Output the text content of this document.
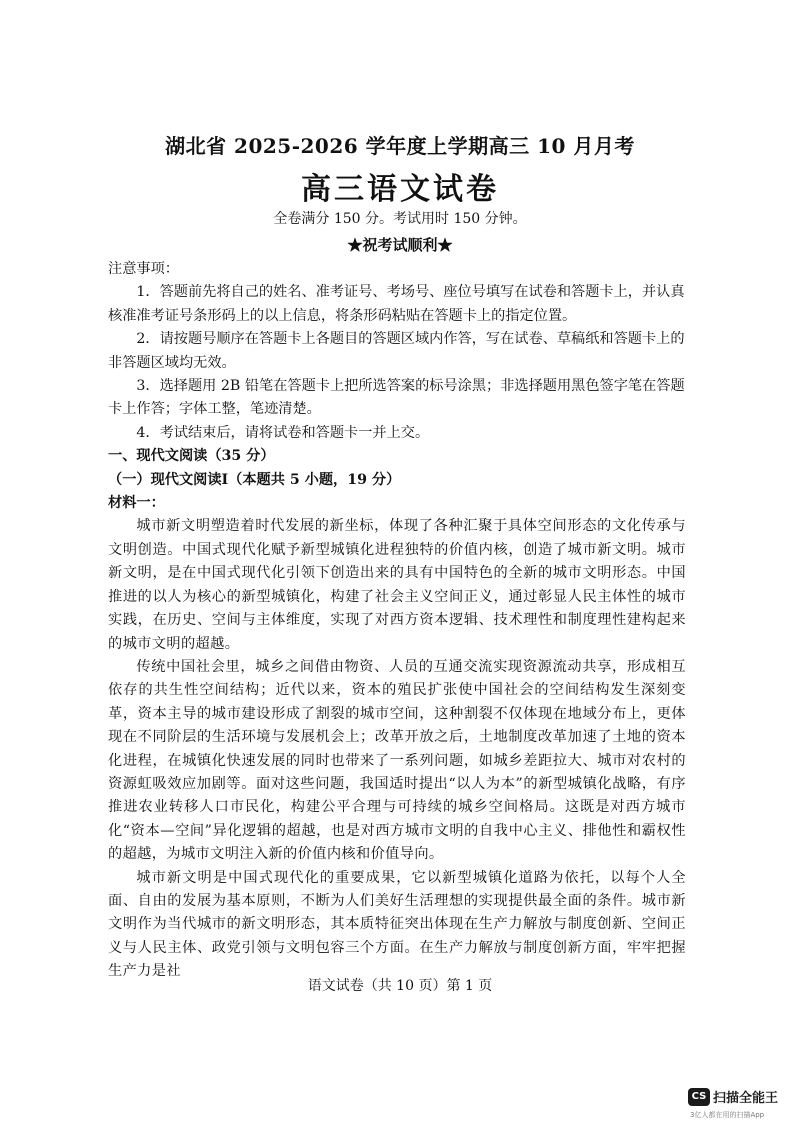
湖北省 2025-2026 学年度上学期高三 10 月月考
高三语文试卷
全卷满分 150 分。考试用时 150 分钟。
★祝考试顺利★

注意事项：

1．答题前先将自己的姓名、准考证号、考场号、座位号填写在试卷和答题卡上，并认真核准准考证号条形码上的以上信息，将条形码粘贴在答题卡上的指定位置。

2．请按题号顺序在答题卡上各题目的答题区域内作答，写在试卷、草稿纸和答题卡上的非答题区域均无效。

3．选择题用 2B 铅笔在答题卡上把所选答案的标号涂黑；非选择题用黑色签字笔在答题卡上作答；字体工整，笔迹清楚。

4．考试结束后，请将试卷和答题卡一并上交。

一、现代文阅读（35 分）

（一）现代文阅读Ⅰ（本题共 5 小题，19 分）

材料一：

城市新文明塑造着时代发展的新坐标，体现了各种汇聚于具体空间形态的文化传承与文明创造。中国式现代化赋予新型城镇化进程独特的价值内核，创造了城市新文明。城市新文明，是在中国式现代化引领下创造出来的具有中国特色的全新的城市文明形态。中国推进的以人为核心的新型城镇化，构建了社会主义空间正义，通过彰显人民主体性的城市实践，在历史、空间与主体维度，实现了对西方资本逻辑、技术理性和制度理性建构起来的城市文明的超越。

传统中国社会里，城乡之间借由物资、人员的互通交流实现资源流动共享，形成相互依存的共生性空间结构；近代以来，资本的殖民扩张使中国社会的空间结构发生深刻变革，资本主导的城市建设形成了割裂的城市空间，这种割裂不仅体现在地域分布上，更体现在不同阶层的生活环境与发展机会上；改革开放之后，土地制度改革加速了土地的资本化进程，在城镇化快速发展的同时也带来了一系列问题，如城乡差距拉大、城市对农村的资源虹吸效应加剧等。面对这些问题，我国适时提出“以人为本”的新型城镇化战略，有序推进农业转移人口市民化，构建公平合理与可持续的城乡空间格局。这既是对西方城市化“资本—空间”异化逻辑的超越，也是对西方城市文明的自我中心主义、排他性和霸权性的超越，为城市文明注入新的价值内核和价值导向。

城市新文明是中国式现代化的重要成果，它以新型城镇化道路为依托，以每个人全面、自由的发展为基本原则，不断为人们美好生活理想的实现提供最全面的条件。城市新文明作为当代城市的新文明形态，其本质特征突出体现在生产力解放与制度创新、空间正义与人民主体、政党引领与文明包容三个方面。在生产力解放与制度创新方面，牢牢把握生产力是社

语文试卷（共 10 页）第 1 页
CS 扫描全能王
3亿人都在用的扫描App
